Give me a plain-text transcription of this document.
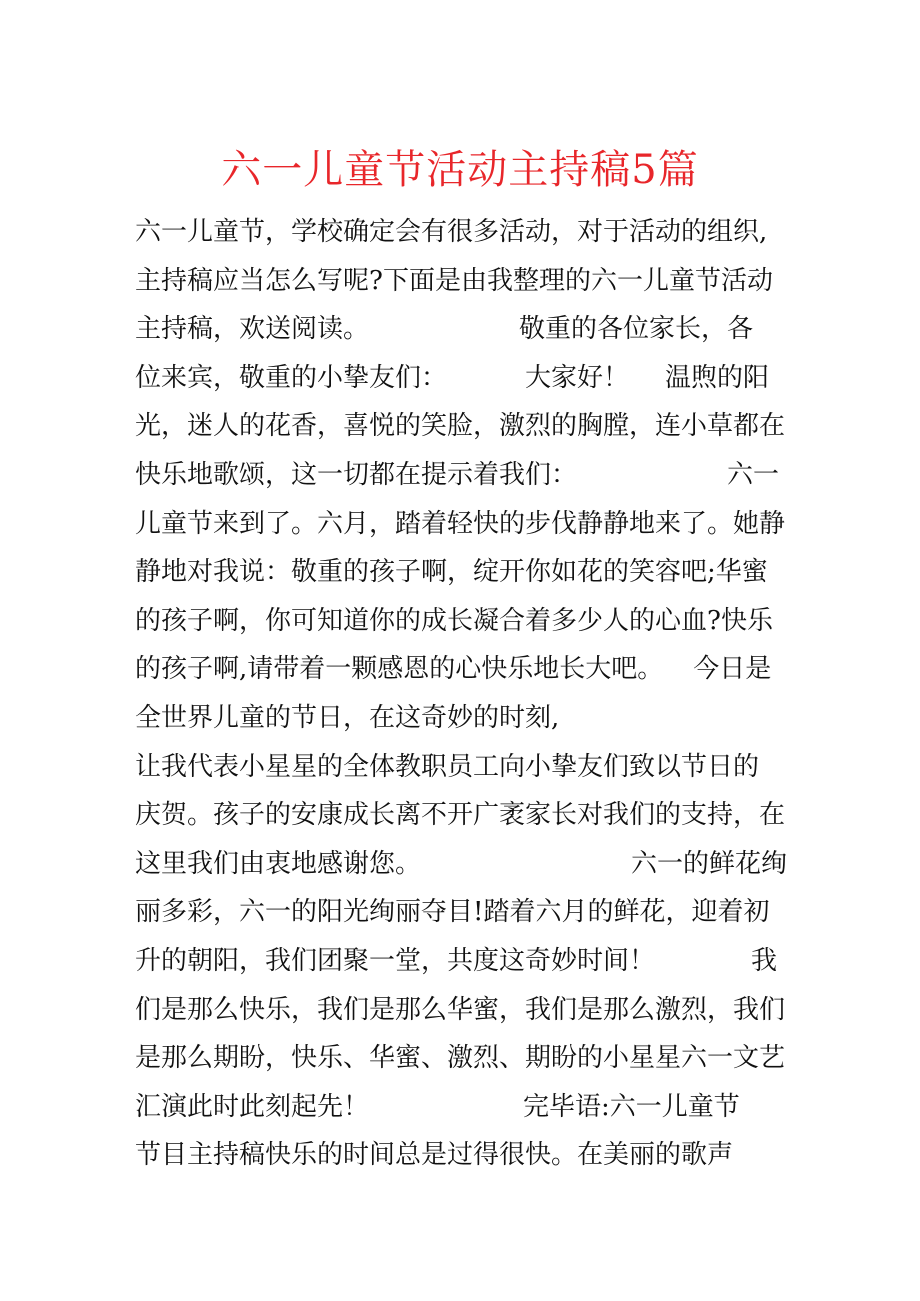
六一儿童节活动主持稿5篇
六一儿童节，学校确定会有很多活动，对于活动的组织,
主持稿应当怎么写呢?下面是由我整理的六一儿童节活动
主持稿，欢送阅读。	敬重的各位家长，各
位来宾，敬重的小挚友们：	大家好！ 温煦的阳
光，迷人的花香，喜悦的笑脸，激烈的胸膛，连小草都在
快乐地歌颂，这一切都在提示着我们：	六一
儿童节来到了。六月，踏着轻快的步伐静静地来了。她静
静地对我说：敬重的孩子啊，绽开你如花的笑容吧;华蜜
的孩子啊，你可知道你的成长凝合着多少人的心血?快乐
的孩子啊,请带着一颗感恩的心快乐地长大吧。 今日是
全世界儿童的节日，在这奇妙的时刻,
让我代表小星星的全体教职员工向小挚友们致以节日的
庆贺。孩子的安康成长离不开广袤家长对我们的支持，在
这里我们由衷地感谢您。	六一的鲜花绚
丽多彩，六一的阳光绚丽夺目!踏着六月的鲜花，迎着初
升的朝阳，我们团聚一堂，共度这奇妙时间！	我
们是那么快乐，我们是那么华蜜，我们是那么激烈，我们
是那么期盼，快乐、华蜜、激烈、期盼的小星星六一文艺
汇演此时此刻起先！	完毕语:六一儿童节
节目主持稿快乐的时间总是过得很快。在美丽的歌声
